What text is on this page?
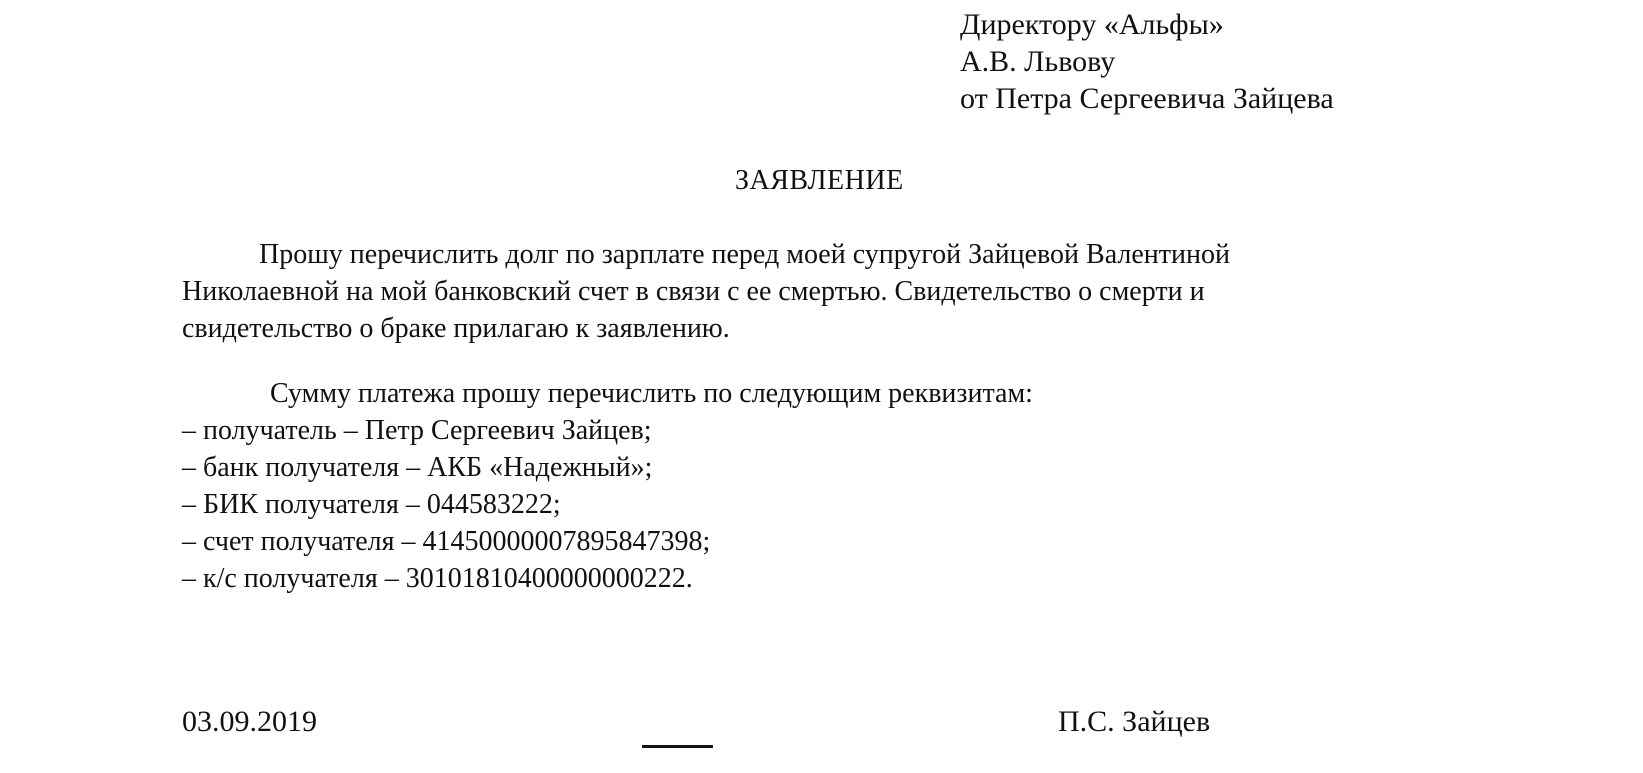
Директору «Альфы»
А.В. Львову
от Петра Сергеевича Зайцева
ЗАЯВЛЕНИЕ
Прошу перечислить долг по зарплате перед моей супругой Зайцевой Валентиной
Николаевной на мой банковский счет в связи с ее смертью. Свидетельство о смерти и
свидетельство о браке прилагаю к заявлению.
Сумму платежа прошу перечислить по следующим реквизитам:
– получатель – Петр Сергеевич Зайцев;
– банк получателя – АКБ «Надежный»;
– БИК получателя – 044583222;
– счет получателя – 41450000007895847398;
– к/с получателя – 30101810400000000222.
03.09.2019	П.С. Зайцев
